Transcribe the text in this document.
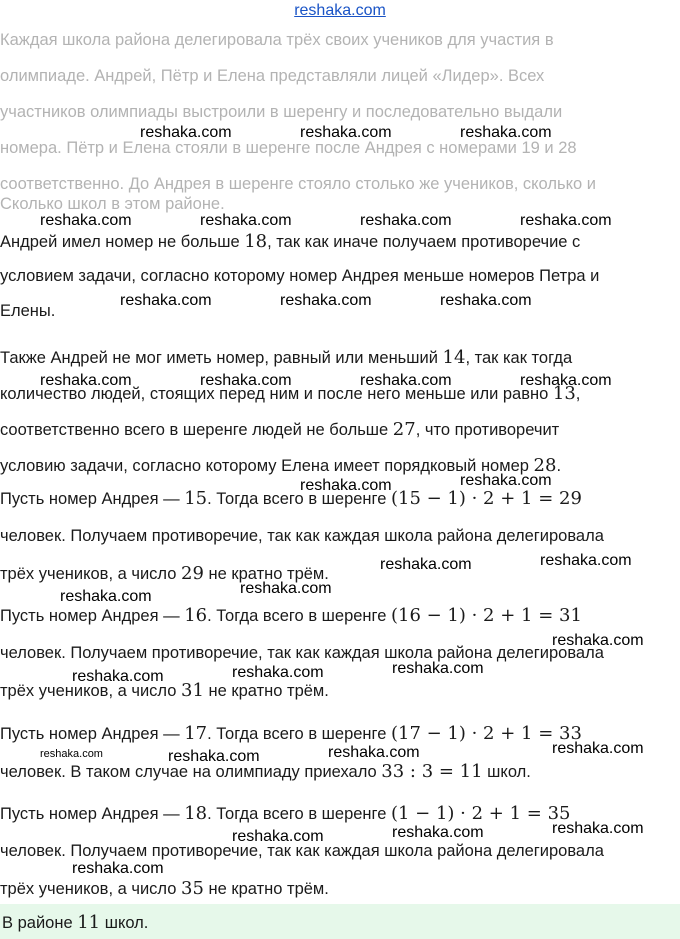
reshaka.com
Каждая школа района делегировала трёх своих учеников для участия в
олимпиаде. Андрей, Пётр и Елена представляли лицей «Лидер». Всех
участников олимпиады выстроили в шеренгу и последовательно выдали
номера. Пётр и Елена стояли в шеренге после Андрея с номерами 19 и 28
соответственно. До Андрея в шеренге стояло столько же учеников, сколько и
Сколько школ в этом районе.
Андрей имел номер не больше 18, так как иначе получаем противоречие с
условием задачи, согласно которому номер Андрея меньше номеров Петра и
Елены.
Также Андрей не мог иметь номер, равный или меньший 14, так как тогда
количество людей, стоящих перед ним и после него меньше или равно 13,
соответственно всего в шеренге людей не больше 27, что противоречит
условию задачи, согласно которому Елена имеет порядковый номер 28.
Пусть номер Андрея — 15. Тогда всего в шеренге (15 − 1) · 2 + 1 = 29
человек. Получаем противоречие, так как каждая школа района делегировала
трёх учеников, а число 29 не кратно трём.
Пусть номер Андрея — 16. Тогда всего в шеренге (16 − 1) · 2 + 1 = 31
человек. Получаем противоречие, так как каждая школа района делегировала
трёх учеников, а число 31 не кратно трём.
Пусть номер Андрея — 17. Тогда всего в шеренге (17 − 1) · 2 + 1 = 33
человек. В таком случае на олимпиаду приехало 33 : 3 = 11 школ.
Пусть номер Андрея — 18. Тогда всего в шеренге (1 − 1) · 2 + 1 = 35
человек. Получаем противоречие, так как каждая школа района делегировала
трёх учеников, а число 35 не кратно трём.
В районе 11 школ.
reshaka.com	reshaka.com	reshaka.com
reshaka.com	reshaka.com	reshaka.com	reshaka.com
reshaka.com	reshaka.com	reshaka.com
reshaka.com	reshaka.com	reshaka.com	reshaka.com
reshaka.com	reshaka.com
reshaka.com	reshaka.com
reshaka.com	reshaka.com
reshaka.com
reshaka.com	reshaka.com	reshaka.com
reshaka.com
reshaka.com	reshaka.com	reshaka.com
reshaka.com
reshaka.com	reshaka.com
reshaka.com
